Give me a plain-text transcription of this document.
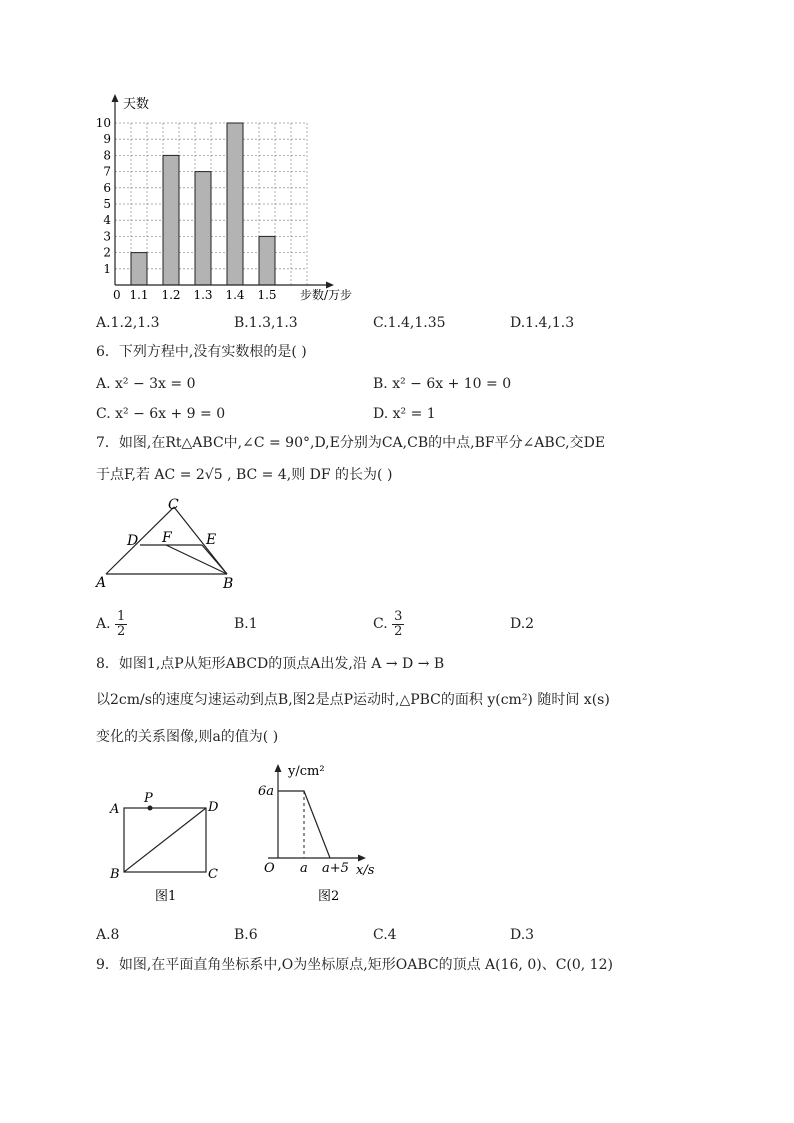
1
2
3
4
5
6
7
8
9
10
1.1 1.2 1.3 1.4 1.5
天数
步数/万步
0
A.1.2,1.3	B.1.3,1.3	C.1.4,1.35	D.1.4,1.3
6．下列方程中,没有实数根的是( )
A. x² − 3x = 0	B. x² − 6x + 10 = 0
C. x² − 6x + 9 = 0	D. x² = 1
7．如图,在Rt△ABC中,∠C = 90°,D,E分别为CA,CB的中点,BF平分∠ABC,交DE
于点F,若 AC = 2√5 , BC = 4,则 DF 的长为( )
C
D F E
A	B
A. $\frac{1}{2}$	B.1	C. $\frac{3}{2}$	D.2
8．如图1,点P从矩形ABCD的顶点A出发,沿 A → D → B
以2cm/s的速度匀速运动到点B,图2是点P运动时,△PBC的面积 y(cm²) 随时间 x(s)
变化的关系图像,则a的值为( )
P
A	D
B	C
图1
y/cm²
6a
O a a+5 x/s
图2
A.8	B.6	C.4	D.3
9．如图,在平面直角坐标系中,O为坐标原点,矩形OABC的顶点 A(16, 0)、C(0, 12)
